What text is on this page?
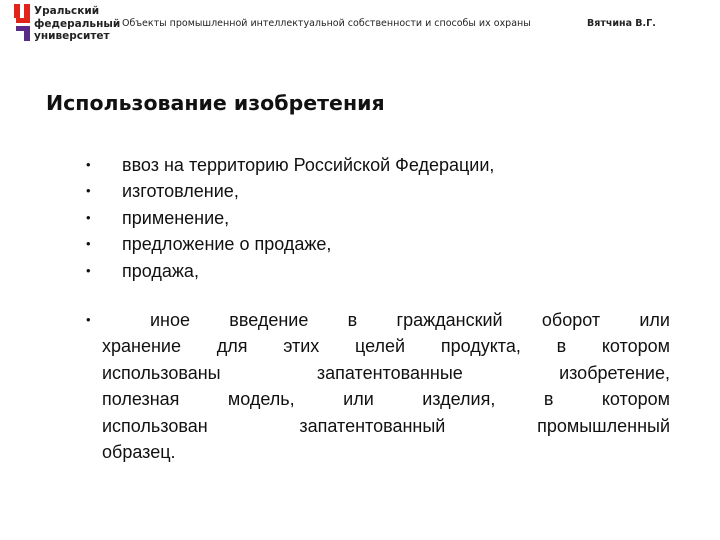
Уральский
федеральный
университет
Объекты промышленной интеллектуальной собственности и способы их охраны	Вятчина В.Г.
Использование изобретения
• ввоз на территорию Российской Федерации,
• изготовление,
• применение,
• предложение о продаже,
• продажа,
•	иное введение в гражданский оборот или
хранение для этих целей продукта, в котором
использованы запатентованные изобретение,
полезная модель, или изделия, в котором
использован запатентованный промышленный
образец.
